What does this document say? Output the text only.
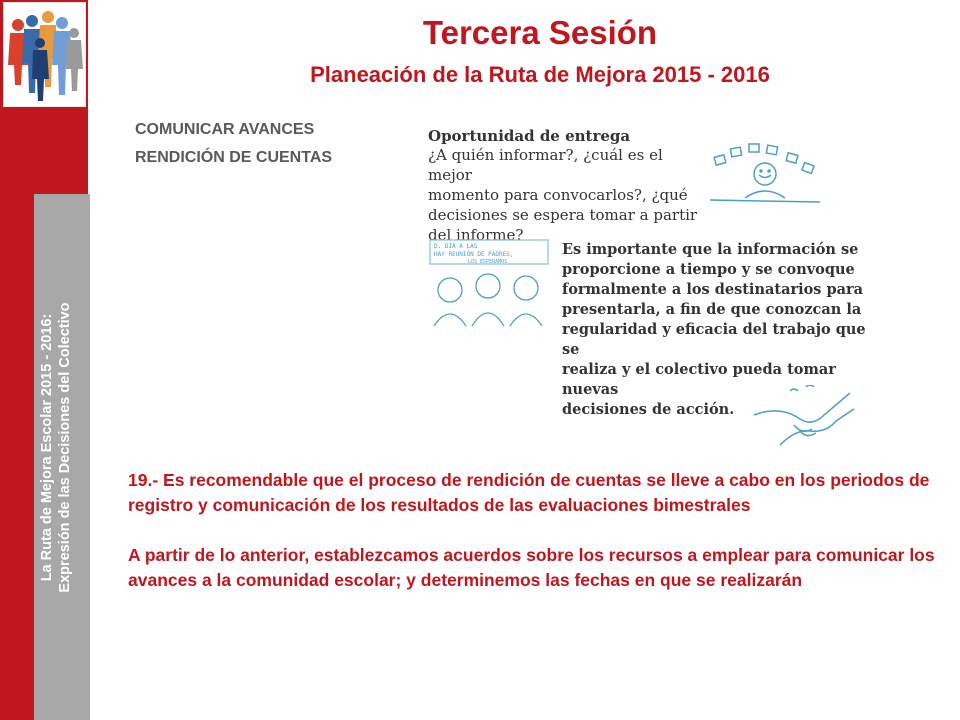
La Ruta de Mejora Escolar 2015 - 2016: Expresión de las Decisiones del Colectivo
Tercera Sesión
Planeación de la Ruta de Mejora 2015 - 2016
COMUNICAR AVANCES
RENDICIÓN DE CUENTAS
Oportunidad de entrega
¿A quién informar?, ¿cuál es el mejor
momento para convocarlos?, ¿qué
decisiones se espera tomar a partir
del informe?
D. DÍA A LAS
HAY REUNIÓN DE PADRES,
LOS ESPERAMOS
Es importante que la información se
proporcione a tiempo y se convoque
formalmente a los destinatarios para
presentarla, a fin de que conozcan la
regularidad y eficacia del trabajo que se
realiza y el colectivo pueda tomar nuevas
decisiones de acción.

19.- Es recomendable que el proceso de rendición de cuentas se lleve a cabo en los periodos de registro y comunicación de los resultados de las evaluaciones bimestrales

A partir de lo anterior, establezcamos acuerdos sobre los recursos a emplear para comunicar los avances a la comunidad escolar; y determinemos las fechas en que se realizarán
